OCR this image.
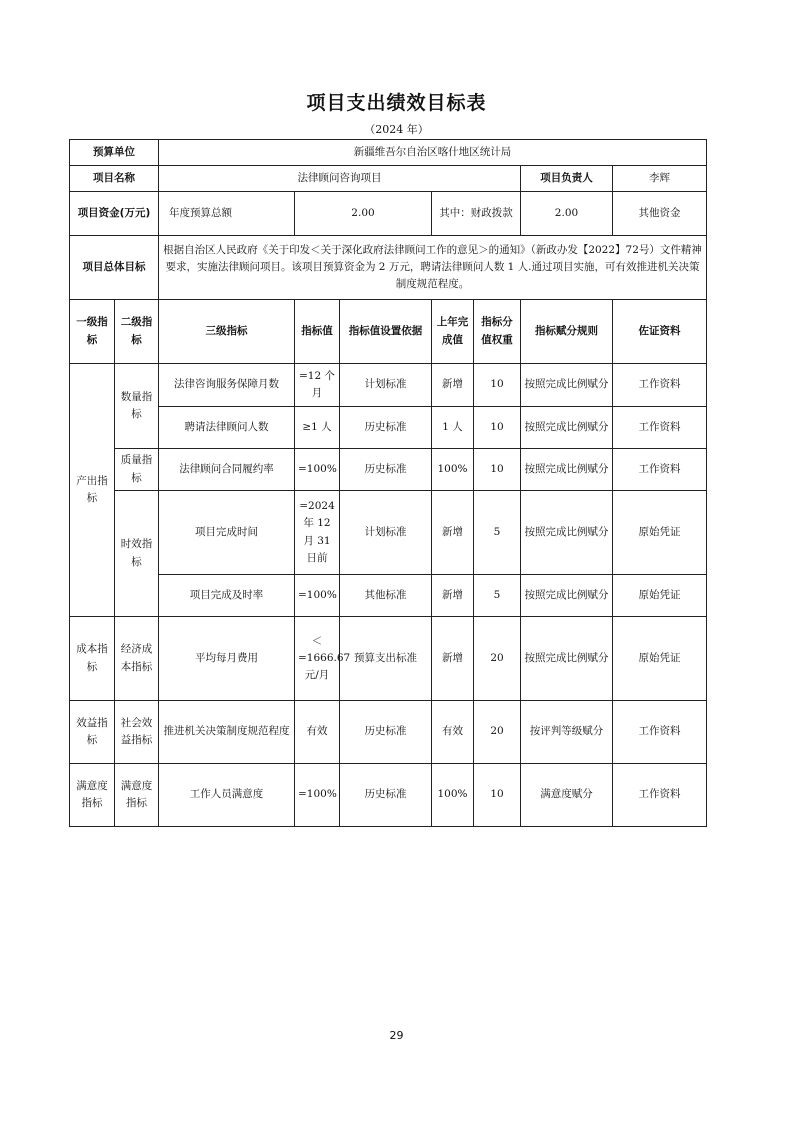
项目支出绩效目标表
（2024 年）
预算单位		新疆维吾尔自治区喀什地区统计局						
项目名称		法律顾问咨询项目					项目负责人	李辉
项目资金(万元)		年度预算总额	2.00		其中：财政拨款		2.00	其他资金
项目总体目标		根据自治区人民政府《关于印发＜关于深化政府法律顾问工作的意见＞的通知》（新政办发【2022】72号）文件精神要求，实施法律顾问项目。该项目预算资金为 2 万元，聘请法律顾问人数 1 人.通过项目实施，可有效推进机关决策制度规范程度。						
一级指标	二级指标	三级指标	指标值	指标值设置依据	上年完成值	指标分值权重	指标赋分规则	佐证资料
产出指标	数量指标	法律咨询服务保障月数	=12 个月	计划标准	新增	10	按照完成比例赋分	工作资料
		聘请法律顾问人数	≥1 人	历史标准	1 人	10	按照完成比例赋分	工作资料
	质量指标	法律顾问合同履约率	=100%	历史标准	100%	10	按照完成比例赋分	工作资料
	时效指标	项目完成时间	=2024 年 12 月 31 日前	计划标准	新增	5	按照完成比例赋分	原始凭证
		项目完成及时率	=100%	其他标准	新增	5	按照完成比例赋分	原始凭证
成本指标	经济成本指标	平均每月费用	＜=1666.67元/月	预算支出标准	新增	20	按照完成比例赋分	原始凭证
效益指标	社会效益指标	推进机关决策制度规范程度	有效	历史标准	有效	20	按评判等级赋分	工作资料
满意度指标	满意度指标	工作人员满意度	=100%	历史标准	100%	10	满意度赋分	工作资料
29
